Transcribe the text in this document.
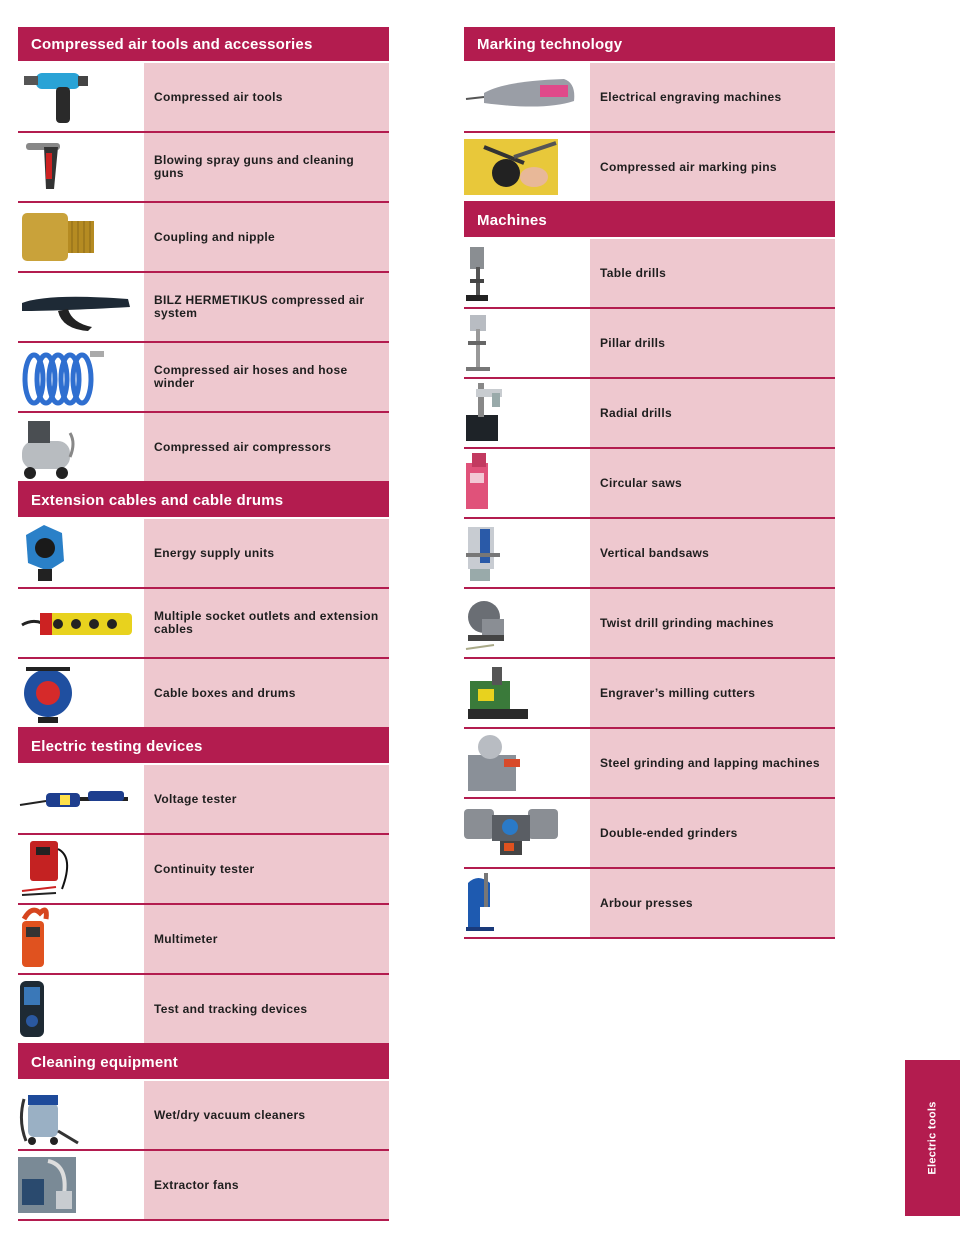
Compressed air tools and accessories
Compressed air tools
Blowing spray guns and cleaning guns
Coupling and nipple
BILZ HERMETIKUS compressed air system
Compressed air hoses and hose winder
Compressed air compressors
Extension cables and cable drums
Energy supply units
Multiple socket outlets and extension cables
Cable boxes and drums
Electric testing devices
Voltage tester
Continuity tester
Multimeter
Test and tracking devices
Cleaning equipment
Wet/dry vacuum cleaners
Extractor fans
Marking technology
Electrical engraving machines
Compressed air marking pins
Machines
Table drills
Pillar drills
Radial drills
Circular saws
Vertical bandsaws
Twist drill grinding machines
Engraver’s milling cutters
Steel grinding and lapping machines
Double-ended grinders
Arbour presses
Electric tools
